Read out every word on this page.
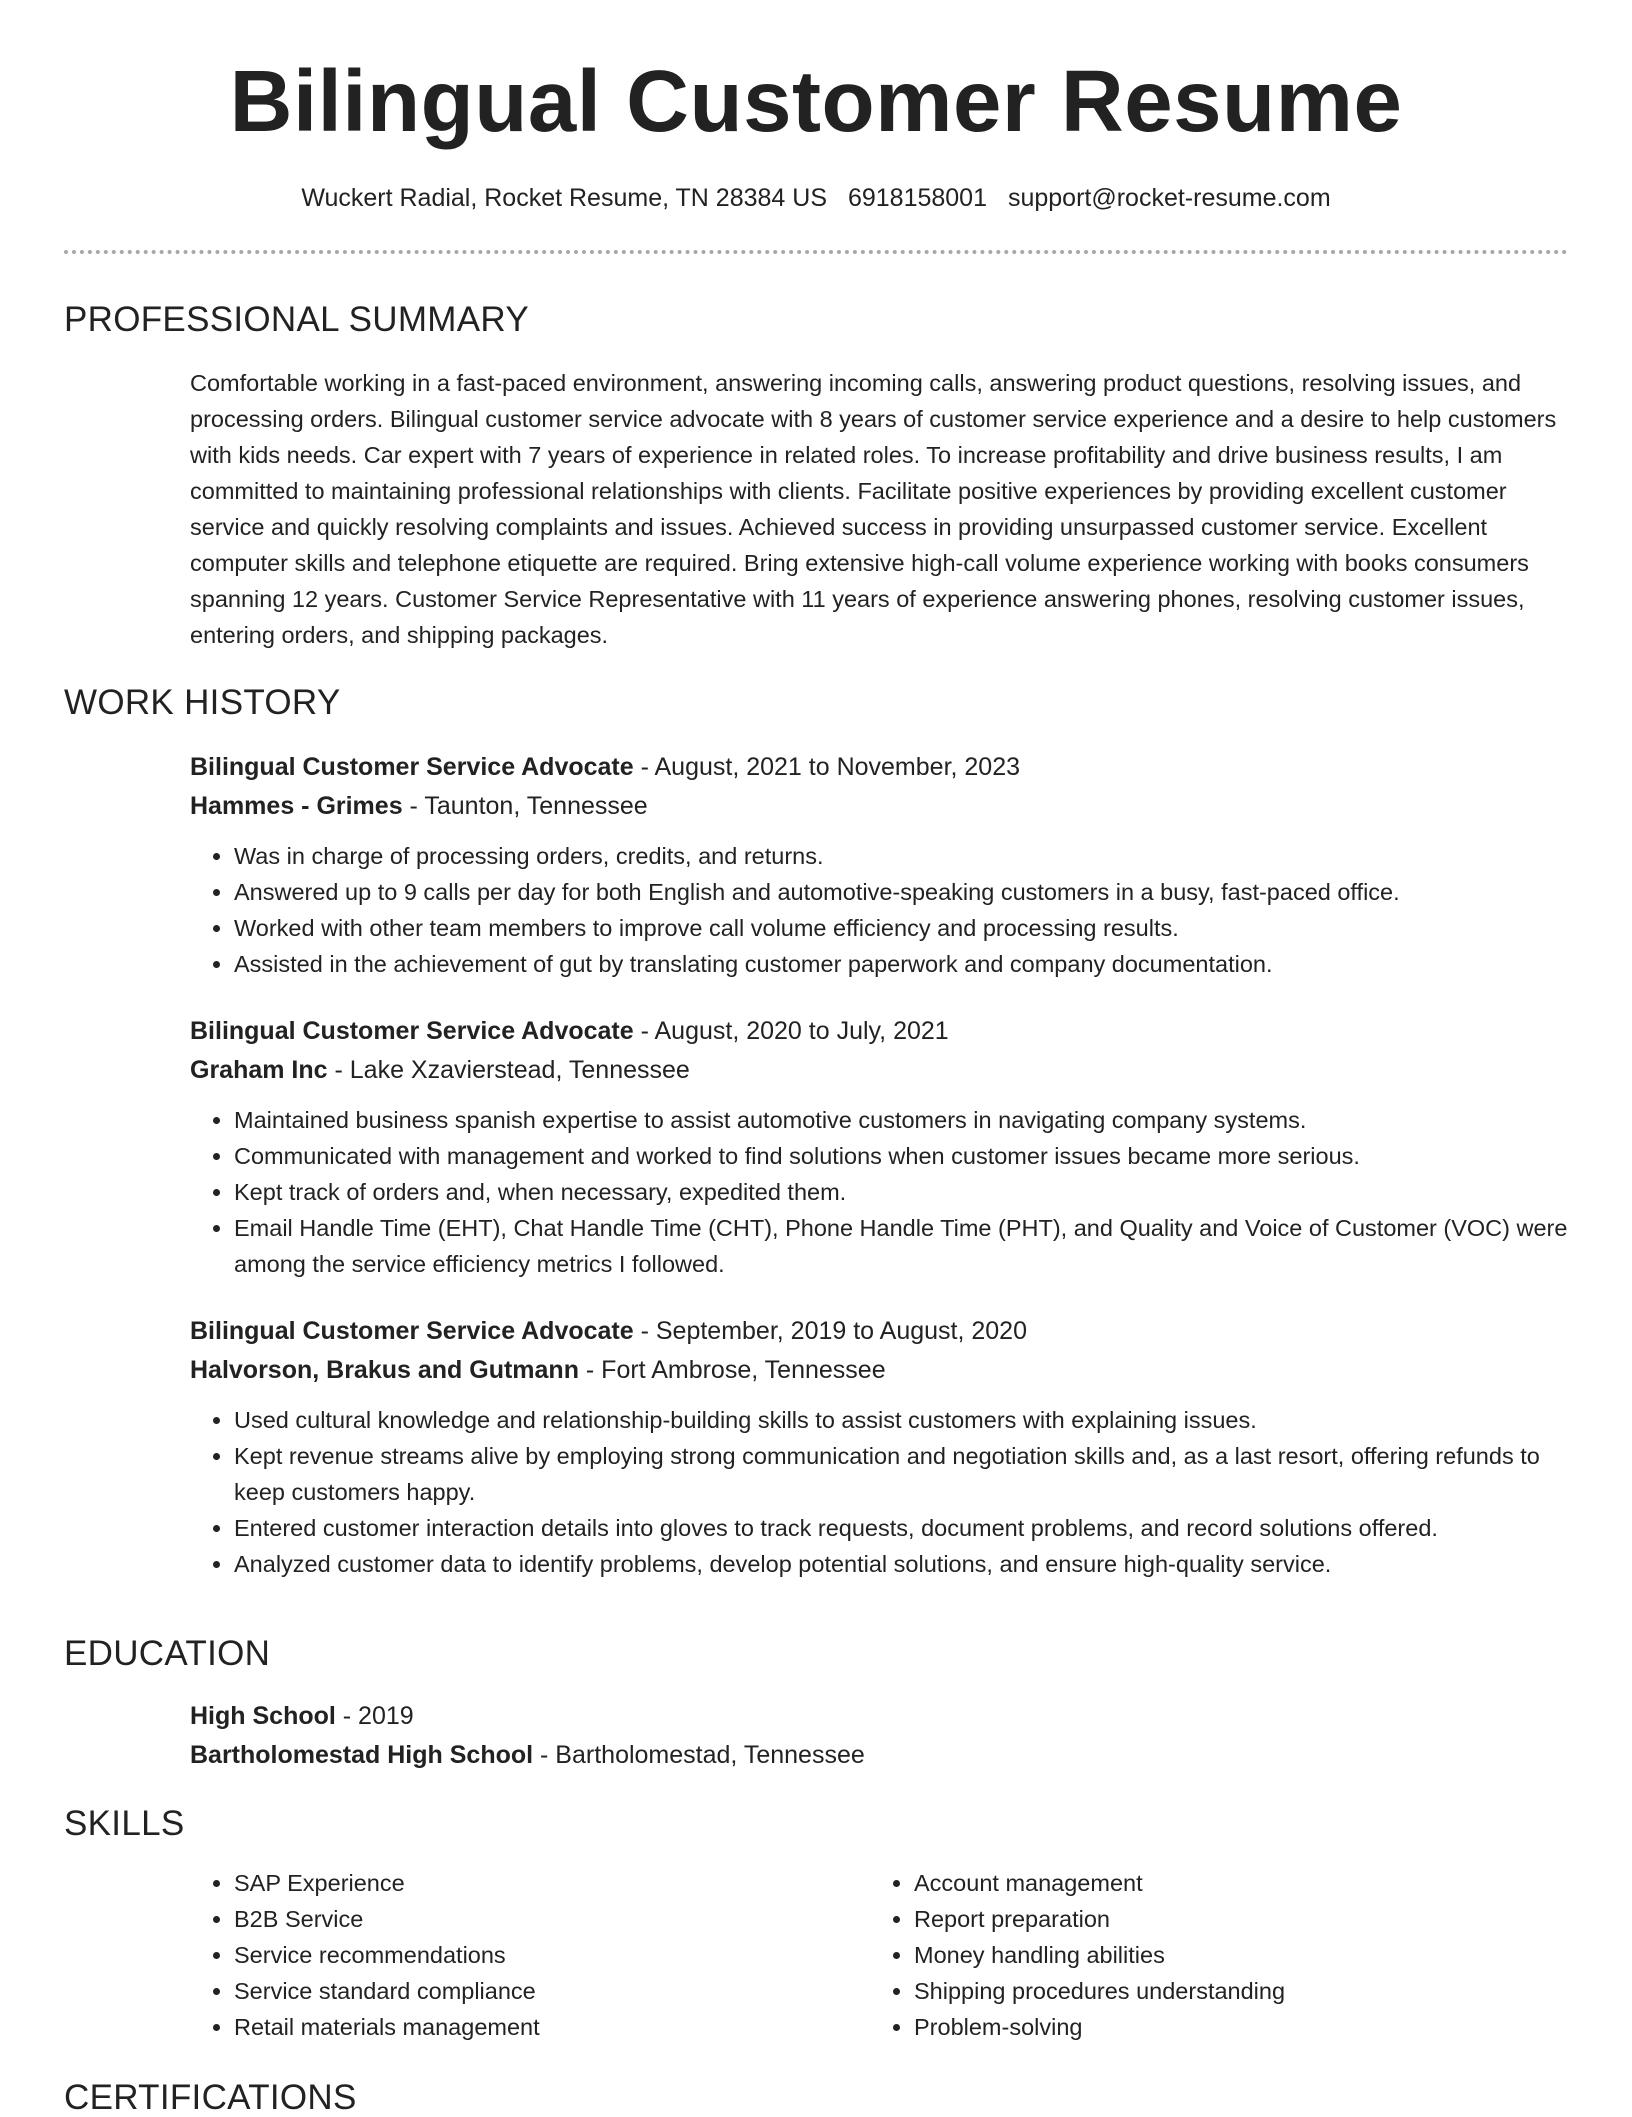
Bilingual Customer Resume
Wuckert Radial, Rocket Resume, TN 28384 US 6918158001 support@rocket-resume.com
PROFESSIONAL SUMMARY
Comfortable working in a fast-paced environment, answering incoming calls, answering product questions, resolving issues, and processing orders. Bilingual customer service advocate with 8 years of customer service experience and a desire to help customers with kids needs. Car expert with 7 years of experience in related roles. To increase profitability and drive business results, I am committed to maintaining professional relationships with clients. Facilitate positive experiences by providing excellent customer service and quickly resolving complaints and issues. Achieved success in providing unsurpassed customer service. Excellent computer skills and telephone etiquette are required. Bring extensive high-call volume experience working with books consumers spanning 12 years. Customer Service Representative with 11 years of experience answering phones, resolving customer issues, entering orders, and shipping packages.
WORK HISTORY
Bilingual Customer Service Advocate - August, 2021 to November, 2023
Hammes - Grimes - Taunton, Tennessee
• Was in charge of processing orders, credits, and returns.
• Answered up to 9 calls per day for both English and automotive-speaking customers in a busy, fast-paced office.
• Worked with other team members to improve call volume efficiency and processing results.
• Assisted in the achievement of gut by translating customer paperwork and company documentation.
Bilingual Customer Service Advocate - August, 2020 to July, 2021
Graham Inc - Lake Xzavierstead, Tennessee
• Maintained business spanish expertise to assist automotive customers in navigating company systems.
• Communicated with management and worked to find solutions when customer issues became more serious.
• Kept track of orders and, when necessary, expedited them.
• Email Handle Time (EHT), Chat Handle Time (CHT), Phone Handle Time (PHT), and Quality and Voice of Customer (VOC) were among the service efficiency metrics I followed.
Bilingual Customer Service Advocate - September, 2019 to August, 2020
Halvorson, Brakus and Gutmann - Fort Ambrose, Tennessee
• Used cultural knowledge and relationship-building skills to assist customers with explaining issues.
• Kept revenue streams alive by employing strong communication and negotiation skills and, as a last resort, offering refunds to keep customers happy.
• Entered customer interaction details into gloves to track requests, document problems, and record solutions offered.
• Analyzed customer data to identify problems, develop potential solutions, and ensure high-quality service.
EDUCATION
High School - 2019
Bartholomestad High School - Bartholomestad, Tennessee
SKILLS
• SAP Experience
• B2B Service
• Service recommendations
• Service standard compliance
• Retail materials management
• Account management
• Report preparation
• Money handling abilities
• Shipping procedures understanding
• Problem-solving
CERTIFICATIONS
